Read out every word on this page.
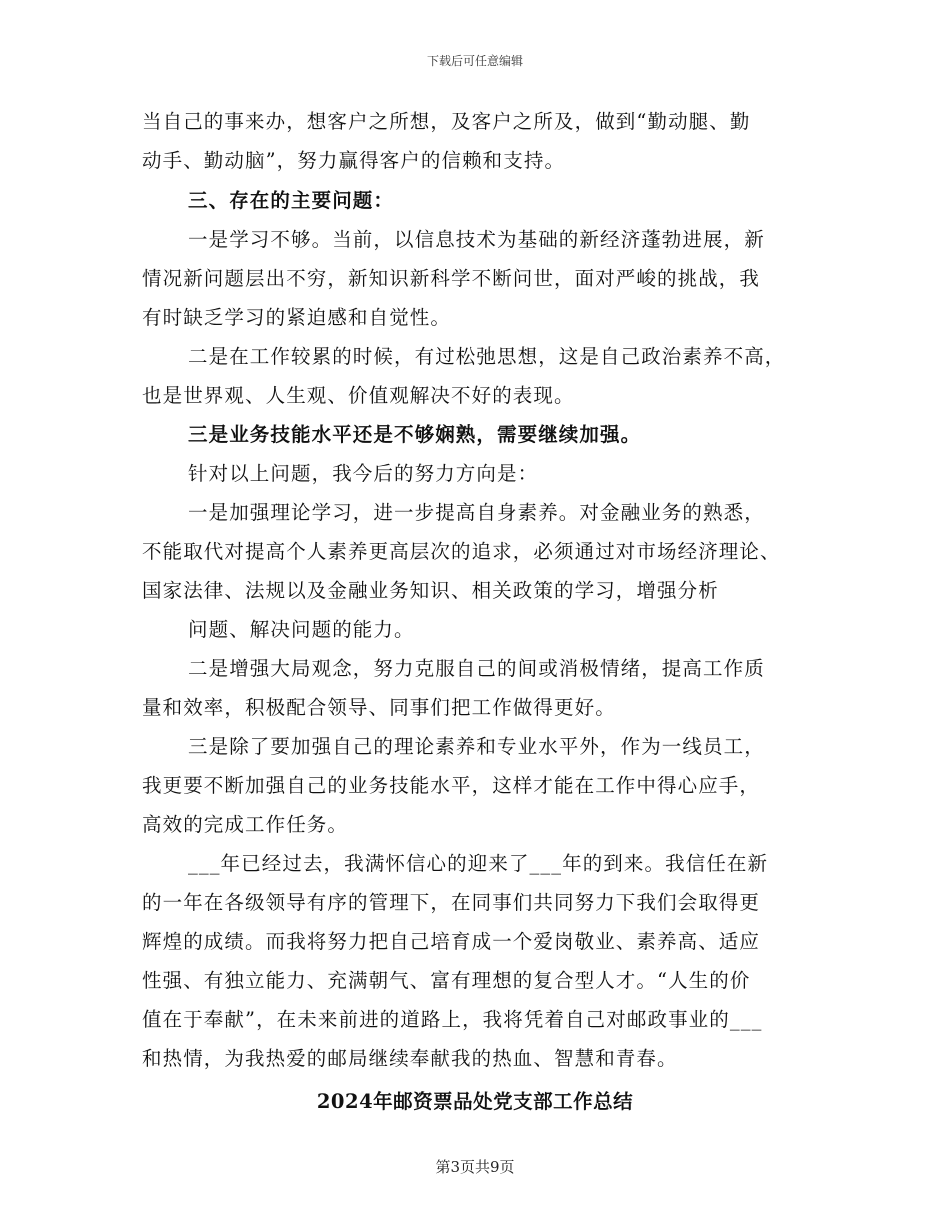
下载后可任意编辑
当自己的事来办，想客户之所想，及客户之所及，做到“勤动腿、勤
动手、勤动脑”，努力赢得客户的信赖和支持。
三、存在的主要问题：
一是学习不够。当前，以信息技术为基础的新经济蓬勃进展，新
情况新问题层出不穷，新知识新科学不断问世，面对严峻的挑战，我
有时缺乏学习的紧迫感和自觉性。
二是在工作较累的时候，有过松弛思想，这是自己政治素养不高，
也是世界观、人生观、价值观解决不好的表现。
三是业务技能水平还是不够娴熟，需要继续加强。
针对以上问题，我今后的努力方向是：
一是加强理论学习，进一步提高自身素养。对金融业务的熟悉，
不能取代对提高个人素养更高层次的追求，必须通过对市场经济理论、
国家法律、法规以及金融业务知识、相关政策的学习，增强分析
问题、解决问题的能力。
二是增强大局观念，努力克服自己的间或消极情绪，提高工作质
量和效率，积极配合领导、同事们把工作做得更好。
三是除了要加强自己的理论素养和专业水平外，作为一线员工，
我更要不断加强自己的业务技能水平，这样才能在工作中得心应手，
高效的完成工作任务。
___年已经过去，我满怀信心的迎来了___年的到来。我信任在新
的一年在各级领导有序的管理下，在同事们共同努力下我们会取得更
辉煌的成绩。而我将努力把自己培育成一个爱岗敬业、素养高、适应
性强、有独立能力、充满朝气、富有理想的复合型人才。“人生的价
值在于奉献”，在未来前进的道路上，我将凭着自己对邮政事业的___
和热情，为我热爱的邮局继续奉献我的热血、智慧和青春。
2024年邮资票品处党支部工作总结
第3页共9页
